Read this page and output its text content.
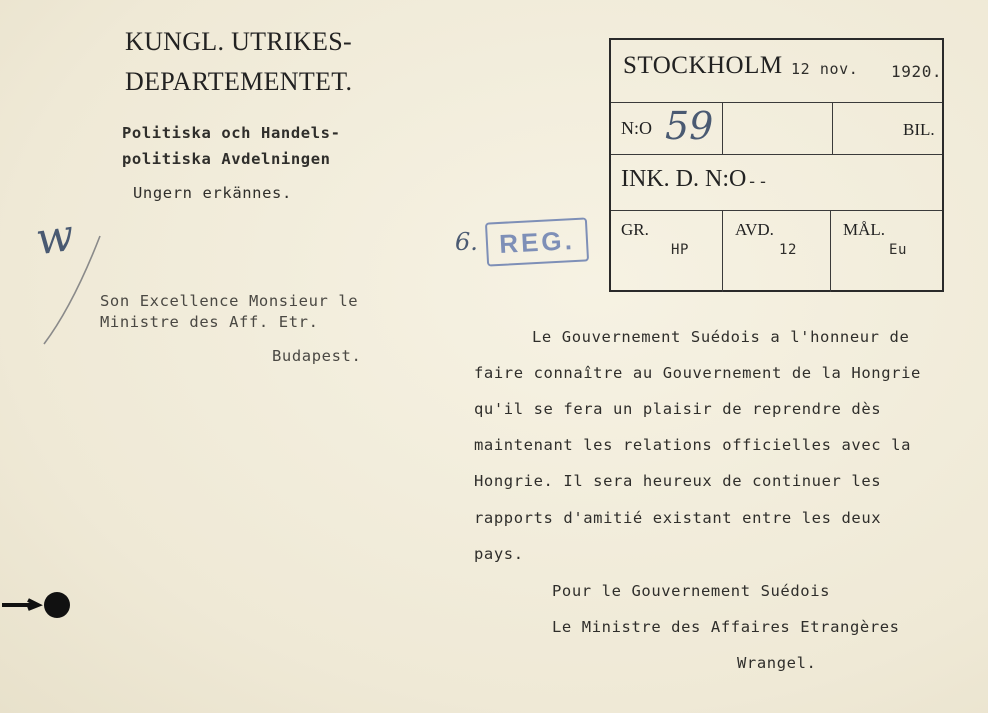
KUNGL. UTRIKES-
DEPARTEMENTET.
Politiska och Handels-
politiska Avdelningen
Ungern erkännes.
w	6.
Son Excellence Monsieur le
Ministre des Aff. Etr.
Budapest.
STOCKHOLM 12 nov. 1920.
N:O 59	BIL.
INK. D. N:O --
GR.
HP
AVD.
12
MÅL.
Eu
REG.
Le Gouvernement Suédois a l'honneur de
faire connaître au Gouvernement de la Hongrie
qu'il se fera un plaisir de reprendre dès
maintenant les relations officielles avec la
Hongrie. Il sera heureux de continuer les
rapports d'amitié existant entre les deux
pays.
Pour le Gouvernement Suédois
Le Ministre des Affaires Etrangères
Wrangel.
